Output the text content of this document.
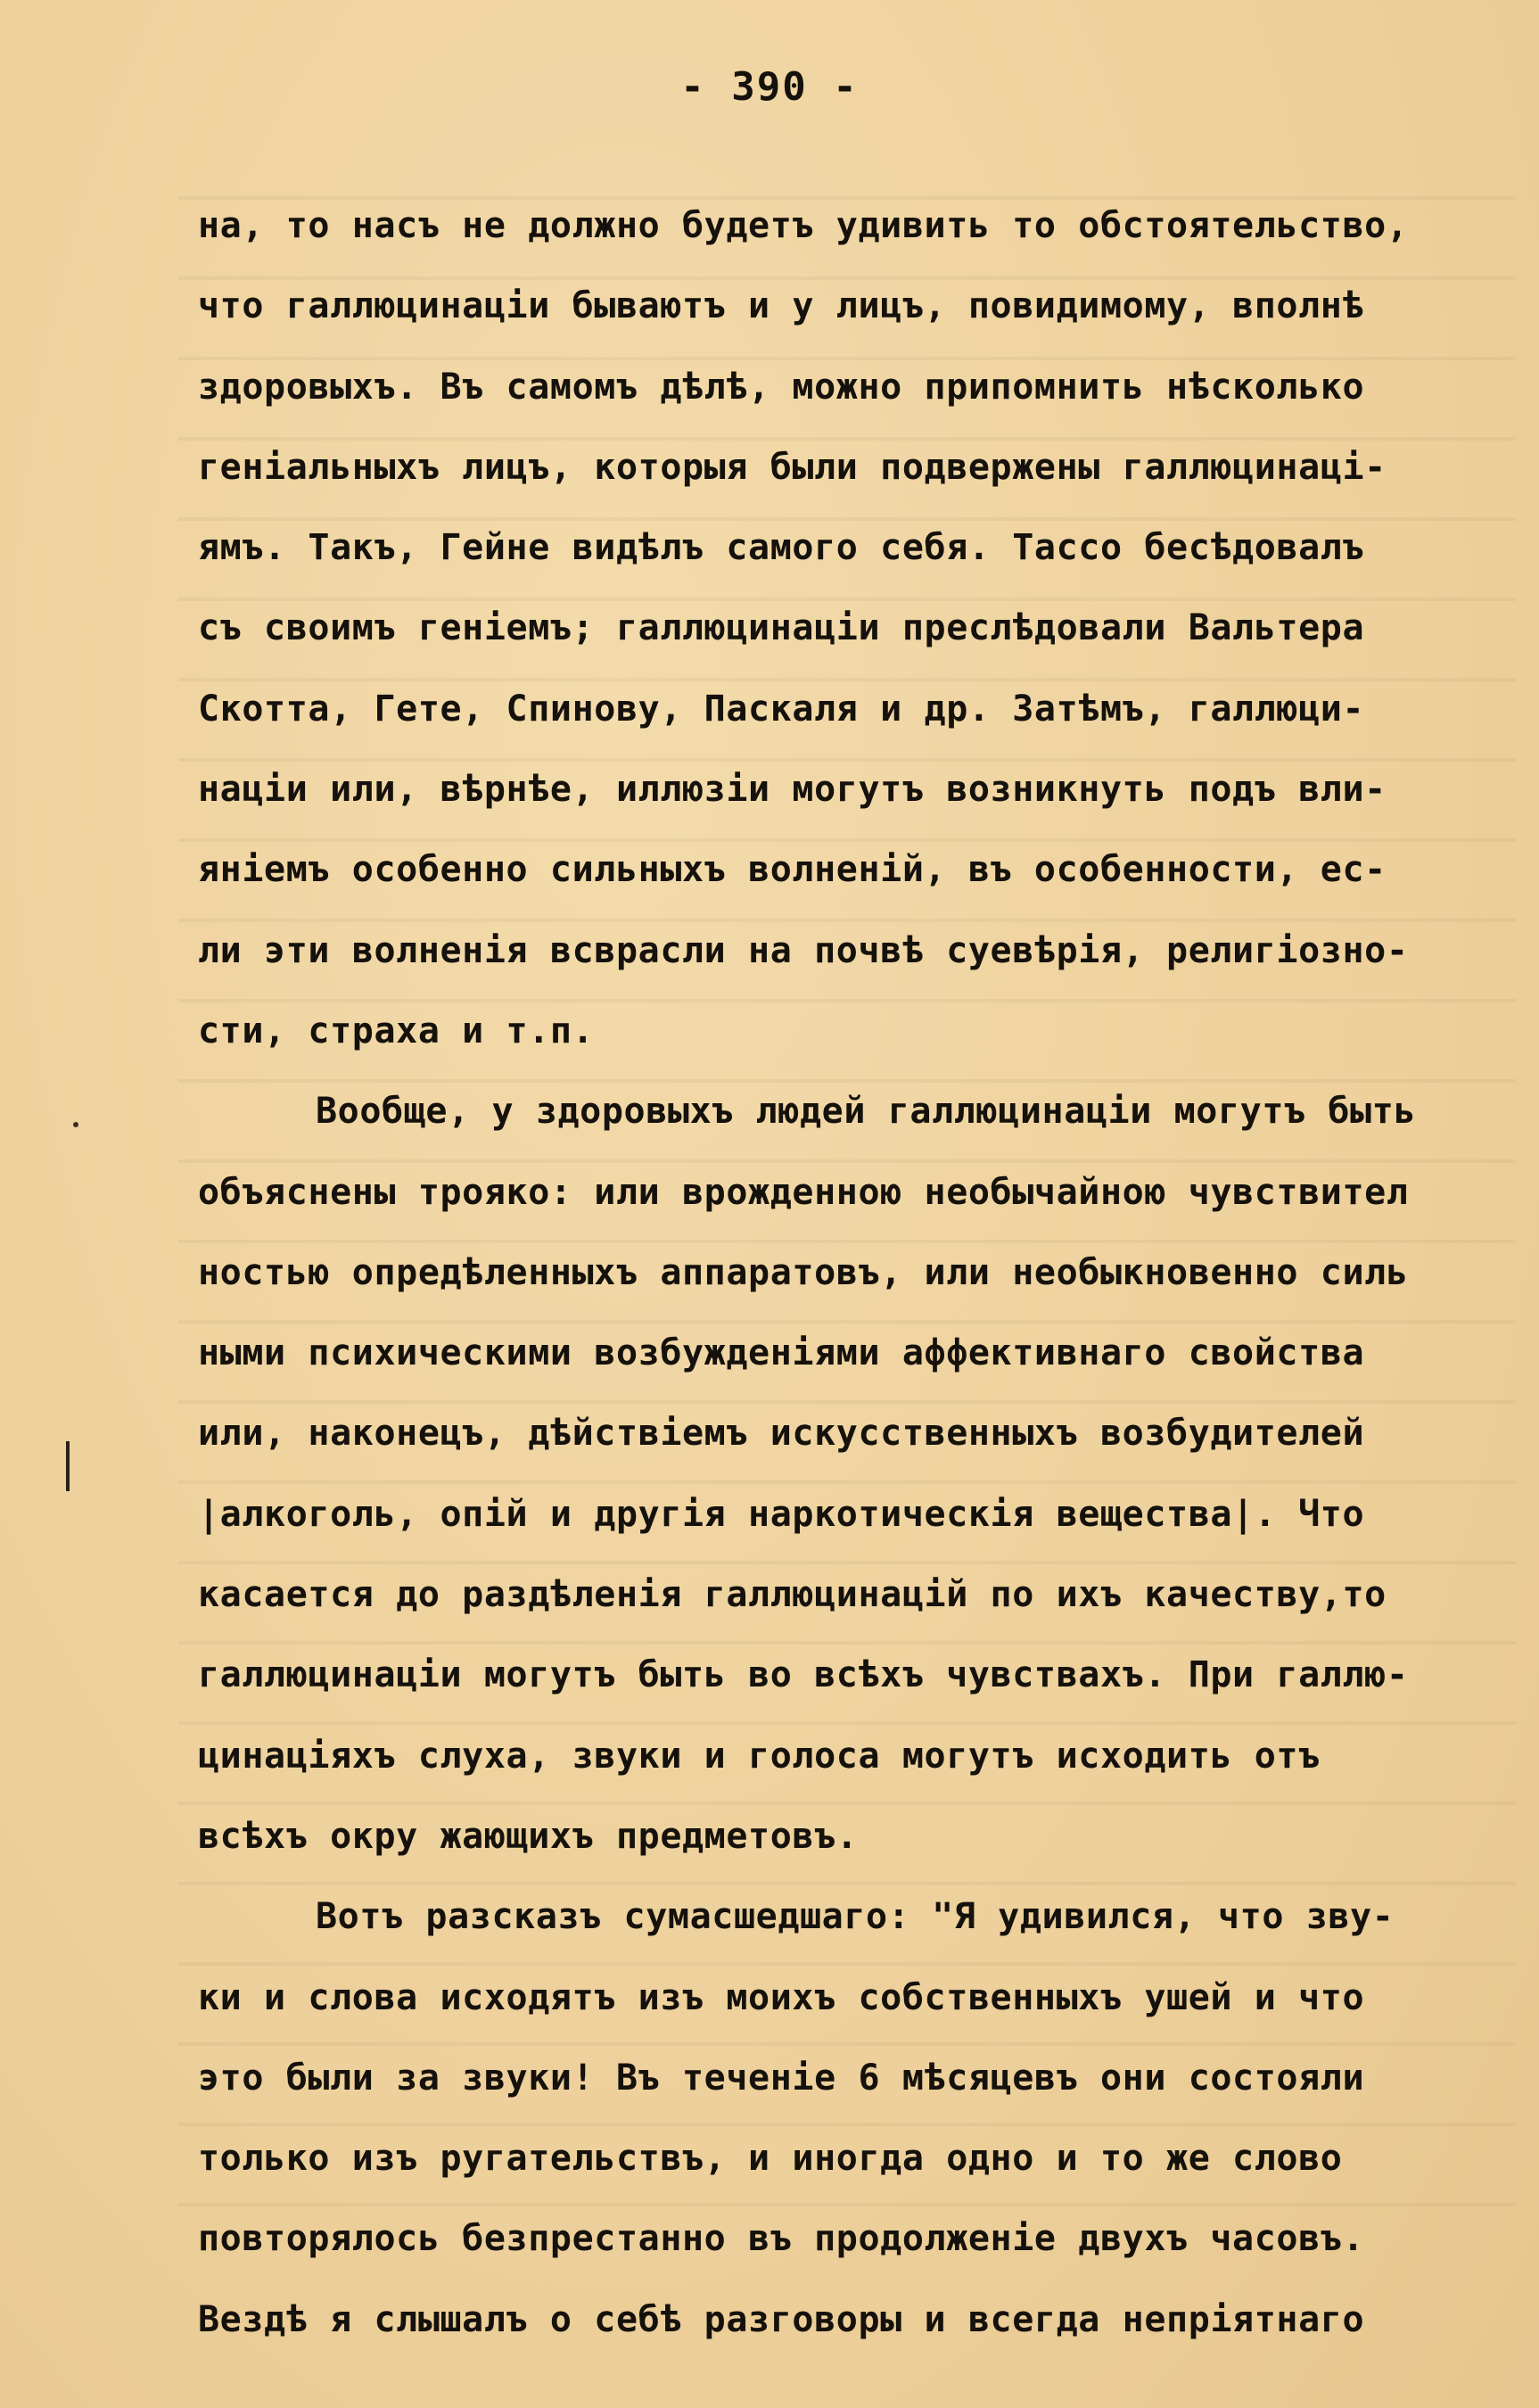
- 390 -
на, то насъ не должно будетъ удивить то обстоятельство,
что галлюцинаціи бываютъ и у лицъ, повидимому, вполнѣ
здоровыхъ. Въ самомъ дѣлѣ, можно припомнить нѣсколько
геніальныхъ лицъ, которыя были подвержены галлюцинаці-
ямъ. Такъ, Гейне видѣлъ самого себя. Тассо бесѣдовалъ
съ своимъ геніемъ; галлюцинаціи преслѣдовали Вальтера
Скотта, Гете, Спинову, Паскаля и др. Затѣмъ, галлюци-
націи или, вѣрнѣе, иллюзіи могутъ возникнуть подъ вли-
яніемъ особенно сильныхъ волненій, въ особенности, ес-
ли эти волненія всврасли на почвѣ суевѣрія, религіозно-
сти, страха и т.п.
Вообще, у здоровыхъ людей галлюцинаціи могутъ быть
объяснены трояко: или врожденною необычайною чувствител
ностью опредѣленныхъ аппаратовъ, или необыкновенно силь
ными психическими возбужденіями аффективнаго свойства
или, наконецъ, дѣйствіемъ искусственныхъ возбудителей
|алкоголь, опій и другія наркотическія вещества|. Что
касается до раздѣленія галлюцинацій по ихъ качеству,то
галлюцинаціи могутъ быть во всѣхъ чувствахъ. При галлю-
цинаціяхъ слуха, звуки и голоса могутъ исходить отъ
всѣхъ окру жающихъ предметовъ.
Вотъ разсказъ сумасшедшаго: "Я удивился, что зву-
ки и слова исходятъ изъ моихъ собственныхъ ушей и что
это были за звуки! Въ теченіе 6 мѣсяцевъ они состояли
только изъ ругательствъ, и иногда одно и то же слово
повторялось безпрестанно въ продолженіе двухъ часовъ.
Вездѣ я слышалъ о себѣ разговоры и всегда непріятнаго
